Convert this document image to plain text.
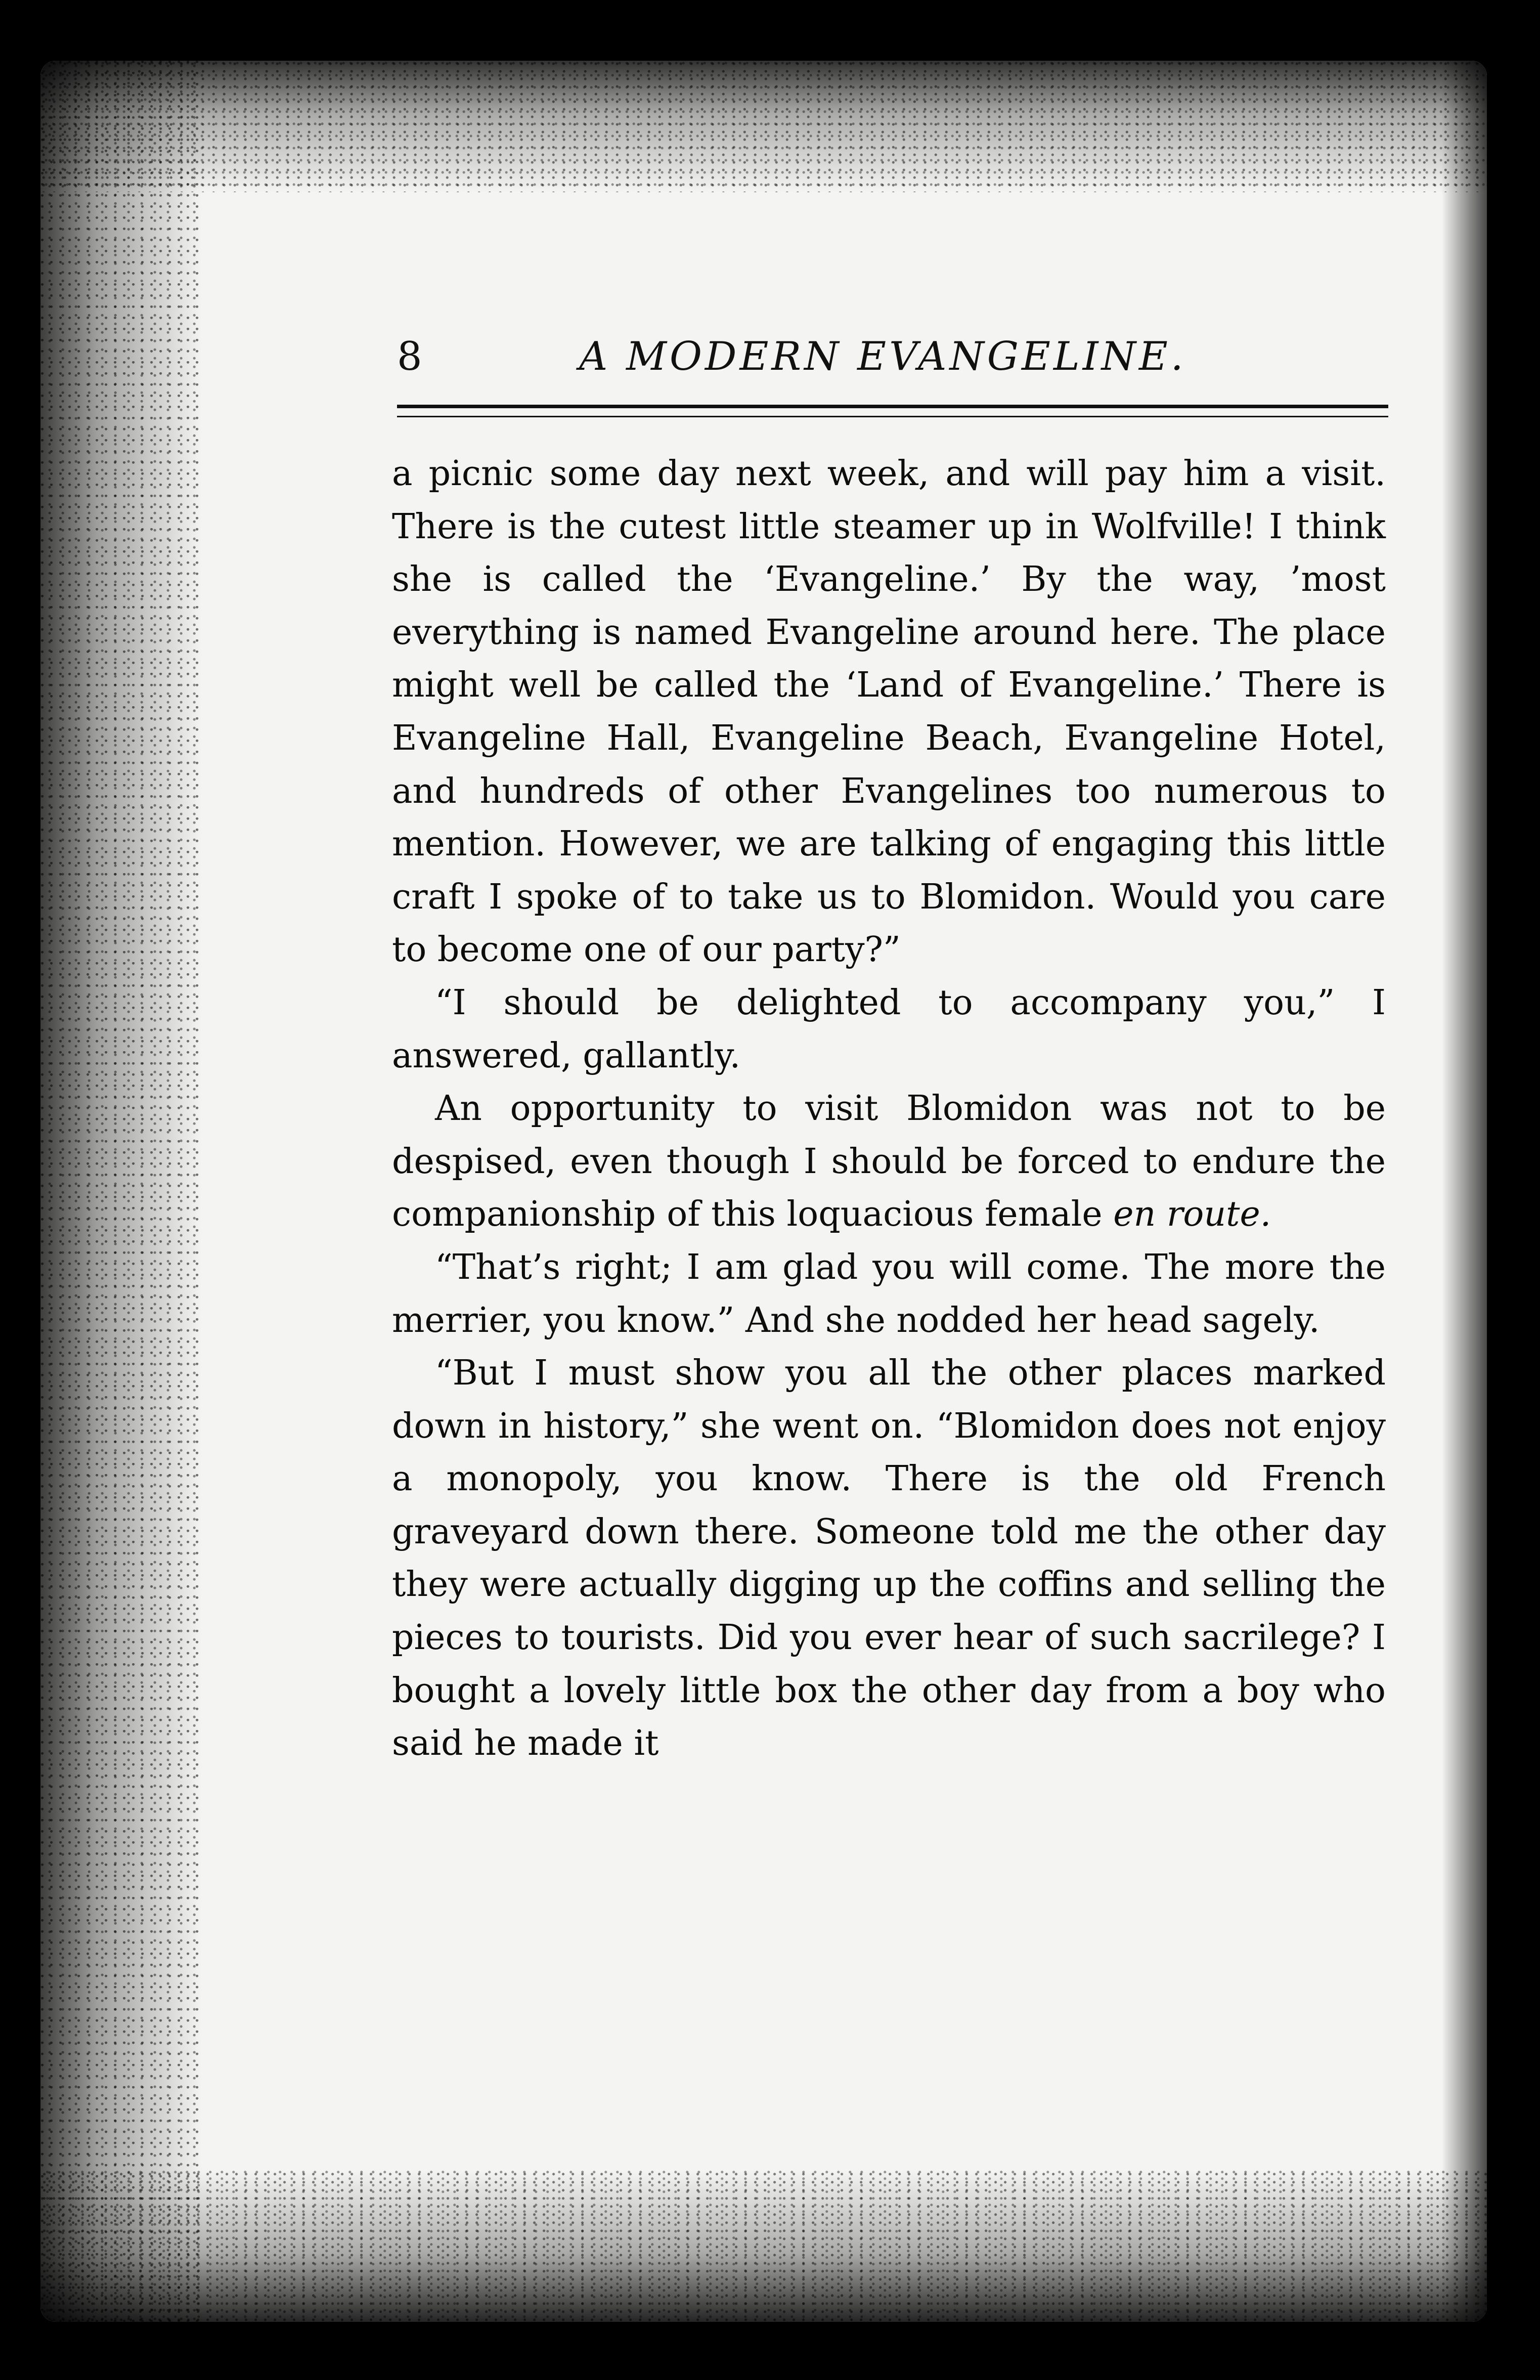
8	A MODERN EVANGELINE.

a picnic some day next week, and will pay him a visit. There is the cutest little steamer up in Wolfville! I think she is called the ‘Evangeline.’ By the way, ’most everything is named Evangeline around here. The place might well be called the ‘Land of Evangeline.’ There is Evangeline Hall, Evangeline Beach, Evangeline Hotel, and hundreds of other Evangelines too numerous to mention. However, we are talking of engaging this little craft I spoke of to take us to Blomidon. Would you care to become one of our party?”

“I should be delighted to accompany you,” I answered, gallantly.

An opportunity to visit Blomidon was not to be despised, even though I should be forced to endure the companionship of this loquacious female en route.

“That’s right; I am glad you will come. The more the merrier, you know.” And she nodded her head sagely.

“But I must show you all the other places marked down in history,” she went on. “Blomidon does not enjoy a monopoly, you know. There is the old French graveyard down there. Someone told me the other day they were actually digging up the coffins and selling the pieces to tourists. Did you ever hear of such sacrilege? I bought a lovely little box the other day from a boy who said he made it
